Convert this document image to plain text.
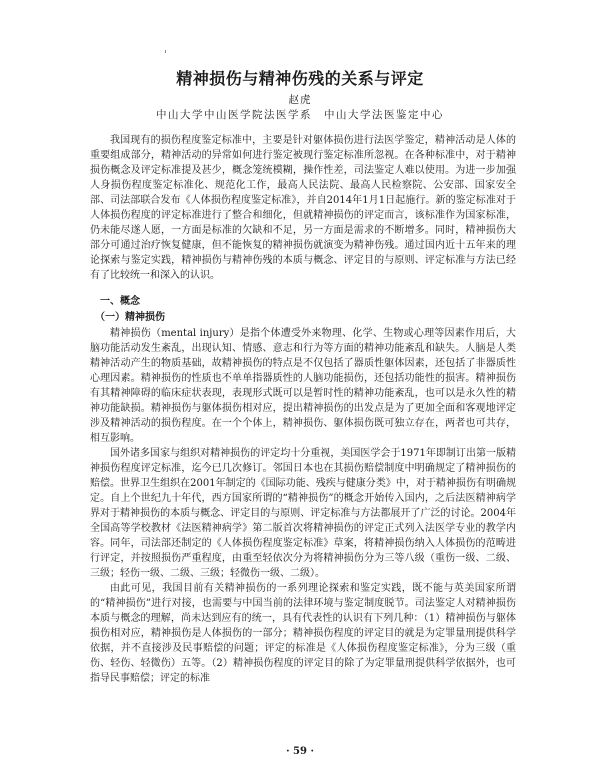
精神损伤与精神伤残的关系与评定
赵虎
中山大学中山医学院法医学系　中山大学法医鉴定中心

我国现有的损伤程度鉴定标准中，主要是针对躯体损伤进行法医学鉴定，精神活动是人体的重要组成部分，精神活动的异常如何进行鉴定被现行鉴定标准所忽视。在各种标准中，对于精神损伤概念及评定标准提及甚少，概念笼统模糊，操作性差，司法鉴定人难以使用。为进一步加强人身损伤程度鉴定标准化、规范化工作，最高人民法院、最高人民检察院、公安部、国家安全部、司法部联合发布《人体损伤程度鉴定标准》，并自2014年1月1日起施行。新的鉴定标准对于人体损伤程度的评定标准进行了整合和细化，但就精神损伤的评定而言，该标准作为国家标准，仍未能尽遂人愿，一方面是标准的欠缺和不足，另一方面是需求的不断增多。同时，精神损伤大部分可通过治疗恢复健康，但不能恢复的精神损伤就演变为精神伤残。通过国内近十五年来的理论探索与鉴定实践，精神损伤与精神伤残的本质与概念、评定目的与原则、评定标准与方法已经有了比较统一和深入的认识。

一、概念

（一）精神损伤

精神损伤（mental injury）是指个体遭受外来物理、化学、生物或心理等因素作用后，大脑功能活动发生紊乱，出现认知、情感、意志和行为等方面的精神功能紊乱和缺失。人脑是人类精神活动产生的物质基础，故精神损伤的特点是不仅包括了器质性躯体因素，还包括了非器质性心理因素。精神损伤的性质也不单单指器质性的人脑功能损伤，还包括功能性的损害。精神损伤有其精神障碍的临床症状表现，表现形式既可以是暂时性的精神功能紊乱，也可以是永久性的精神功能缺损。精神损伤与躯体损伤相对应，提出精神损伤的出发点是为了更加全面和客观地评定涉及精神活动的损伤程度。在一个个体上，精神损伤、躯体损伤既可独立存在，两者也可共存，相互影响。

国外诸多国家与组织对精神损伤的评定均十分重视，美国医学会于1971年即制订出第一版精神损伤程度评定标准，迄今已几次修订。邻国日本也在其损伤赔偿制度中明确规定了精神损伤的赔偿。世界卫生组织在2001年制定的《国际功能、残疾与健康分类》中，对于精神损伤有明确规定。自上个世纪九十年代，西方国家所谓的“精神损伤”的概念开始传入国内，之后法医精神病学界对于精神损伤的本质与概念、评定目的与原则、评定标准与方法都展开了广泛的讨论。2004年全国高等学校教材《法医精神病学》第二版首次将精神损伤的评定正式列入法医学专业的教学内容。同年，司法部还制定的《人体损伤程度鉴定标准》草案，将精神损伤纳入人体损伤的范畴进行评定，并按照损伤严重程度，由重至轻依次分为将精神损伤分为三等八级（重伤一级、二级、三级；轻伤一级、二级、三级；轻微伤一级、二级）。

由此可见，我国目前有关精神损伤的一系列理论探索和鉴定实践，既不能与英美国家所谓的“精神损伤”进行对接，也需要与中国当前的法律环境与鉴定制度脱节。司法鉴定人对精神损伤本质与概念的理解，尚未达到应有的统一，具有代表性的认识有下列几种：（1）精神损伤与躯体损伤相对应，精神损伤是人体损伤的一部分；精神损伤程度的评定目的就是为定罪量刑提供科学依据，并不直接涉及民事赔偿的问题；评定的标准是《人体损伤程度鉴定标准》，分为三级（重伤、轻伤、轻微伤）五等。（2）精神损伤程度的评定目的除了为定罪量刑提供科学依据外，也可指导民事赔偿；评定的标准

· 59 ·
